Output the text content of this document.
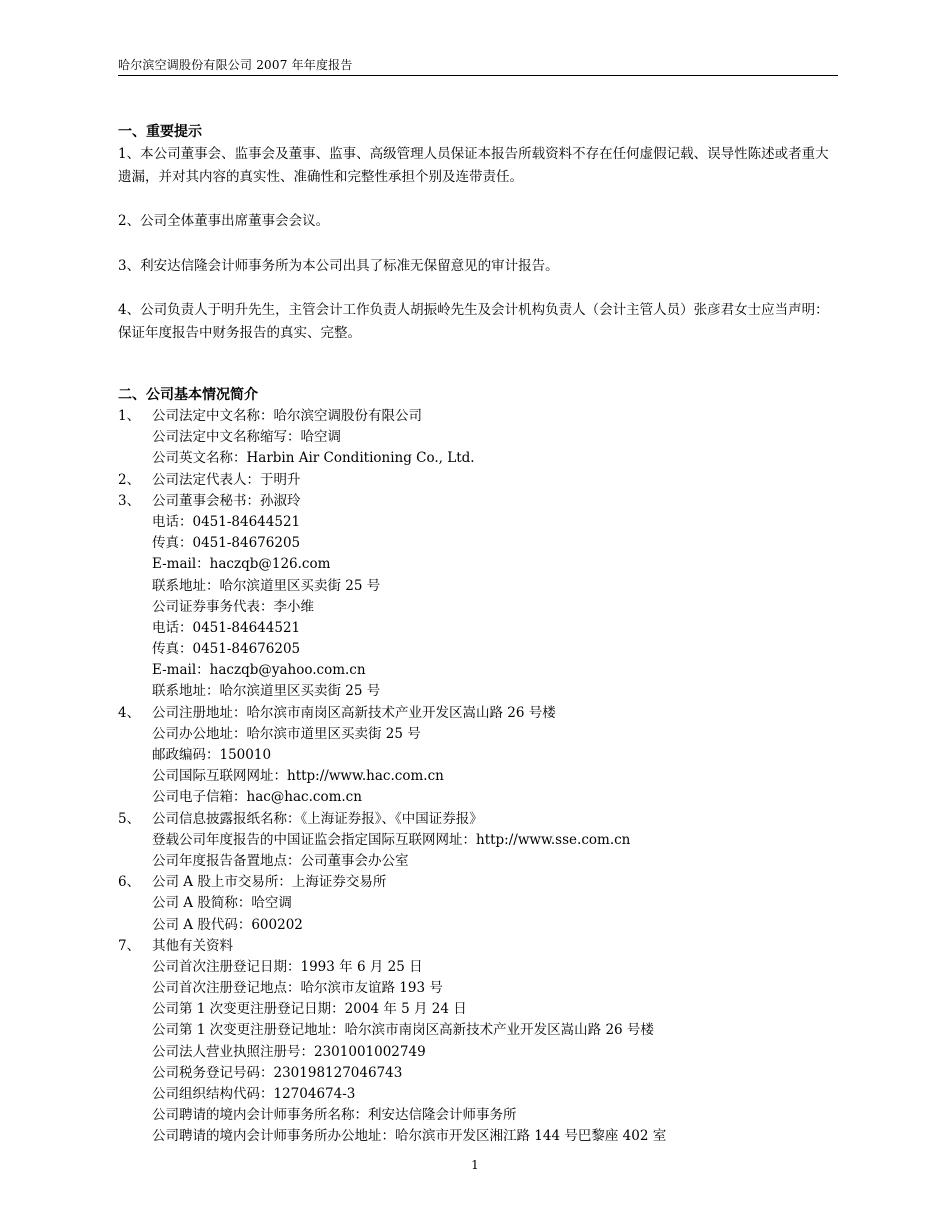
哈尔滨空调股份有限公司 2007 年年度报告
一、重要提示

1、本公司董事会、监事会及董事、监事、高级管理人员保证本报告所载资料不存在任何虚假记载、误导性陈述或者重大遗漏，并对其内容的真实性、准确性和完整性承担个别及连带责任。

2、公司全体董事出席董事会会议。

3、利安达信隆会计师事务所为本公司出具了标准无保留意见的审计报告。

4、公司负责人于明升先生，主管会计工作负责人胡振岭先生及会计机构负责人（会计主管人员）张彦君女士应当声明：保证年度报告中财务报告的真实、完整。

二、公司基本情况简介
1、 公司法定中文名称：哈尔滨空调股份有限公司
公司法定中文名称缩写：哈空调
公司英文名称：Harbin Air Conditioning Co., Ltd.
2、 公司法定代表人：于明升
3、 公司董事会秘书：孙淑玲
电话：0451-84644521
传真：0451-84676205
E-mail：haczqb@126.com
联系地址：哈尔滨道里区买卖街 25 号
公司证券事务代表：李小维
电话：0451-84644521
传真：0451-84676205
E-mail：haczqb@yahoo.com.cn
联系地址：哈尔滨道里区买卖街 25 号
4、 公司注册地址：哈尔滨市南岗区高新技术产业开发区嵩山路 26 号楼
公司办公地址：哈尔滨市道里区买卖街 25 号
邮政编码：150010
公司国际互联网网址：http://www.hac.com.cn
公司电子信箱：hac@hac.com.cn
5、 公司信息披露报纸名称：《上海证券报》、《中国证券报》
登载公司年度报告的中国证监会指定国际互联网网址：http://www.sse.com.cn
公司年度报告备置地点：公司董事会办公室
6、 公司 A 股上市交易所：上海证券交易所
公司 A 股简称：哈空调
公司 A 股代码：600202
7、 其他有关资料
公司首次注册登记日期：1993 年 6 月 25 日
公司首次注册登记地点：哈尔滨市友谊路 193 号
公司第 1 次变更注册登记日期：2004 年 5 月 24 日
公司第 1 次变更注册登记地址：哈尔滨市南岗区高新技术产业开发区嵩山路 26 号楼
公司法人营业执照注册号：2301001002749
公司税务登记号码：230198127046743
公司组织结构代码：12704674-3
公司聘请的境内会计师事务所名称：利安达信隆会计师事务所
公司聘请的境内会计师事务所办公地址：哈尔滨市开发区湘江路 144 号巴黎座 402 室
1
